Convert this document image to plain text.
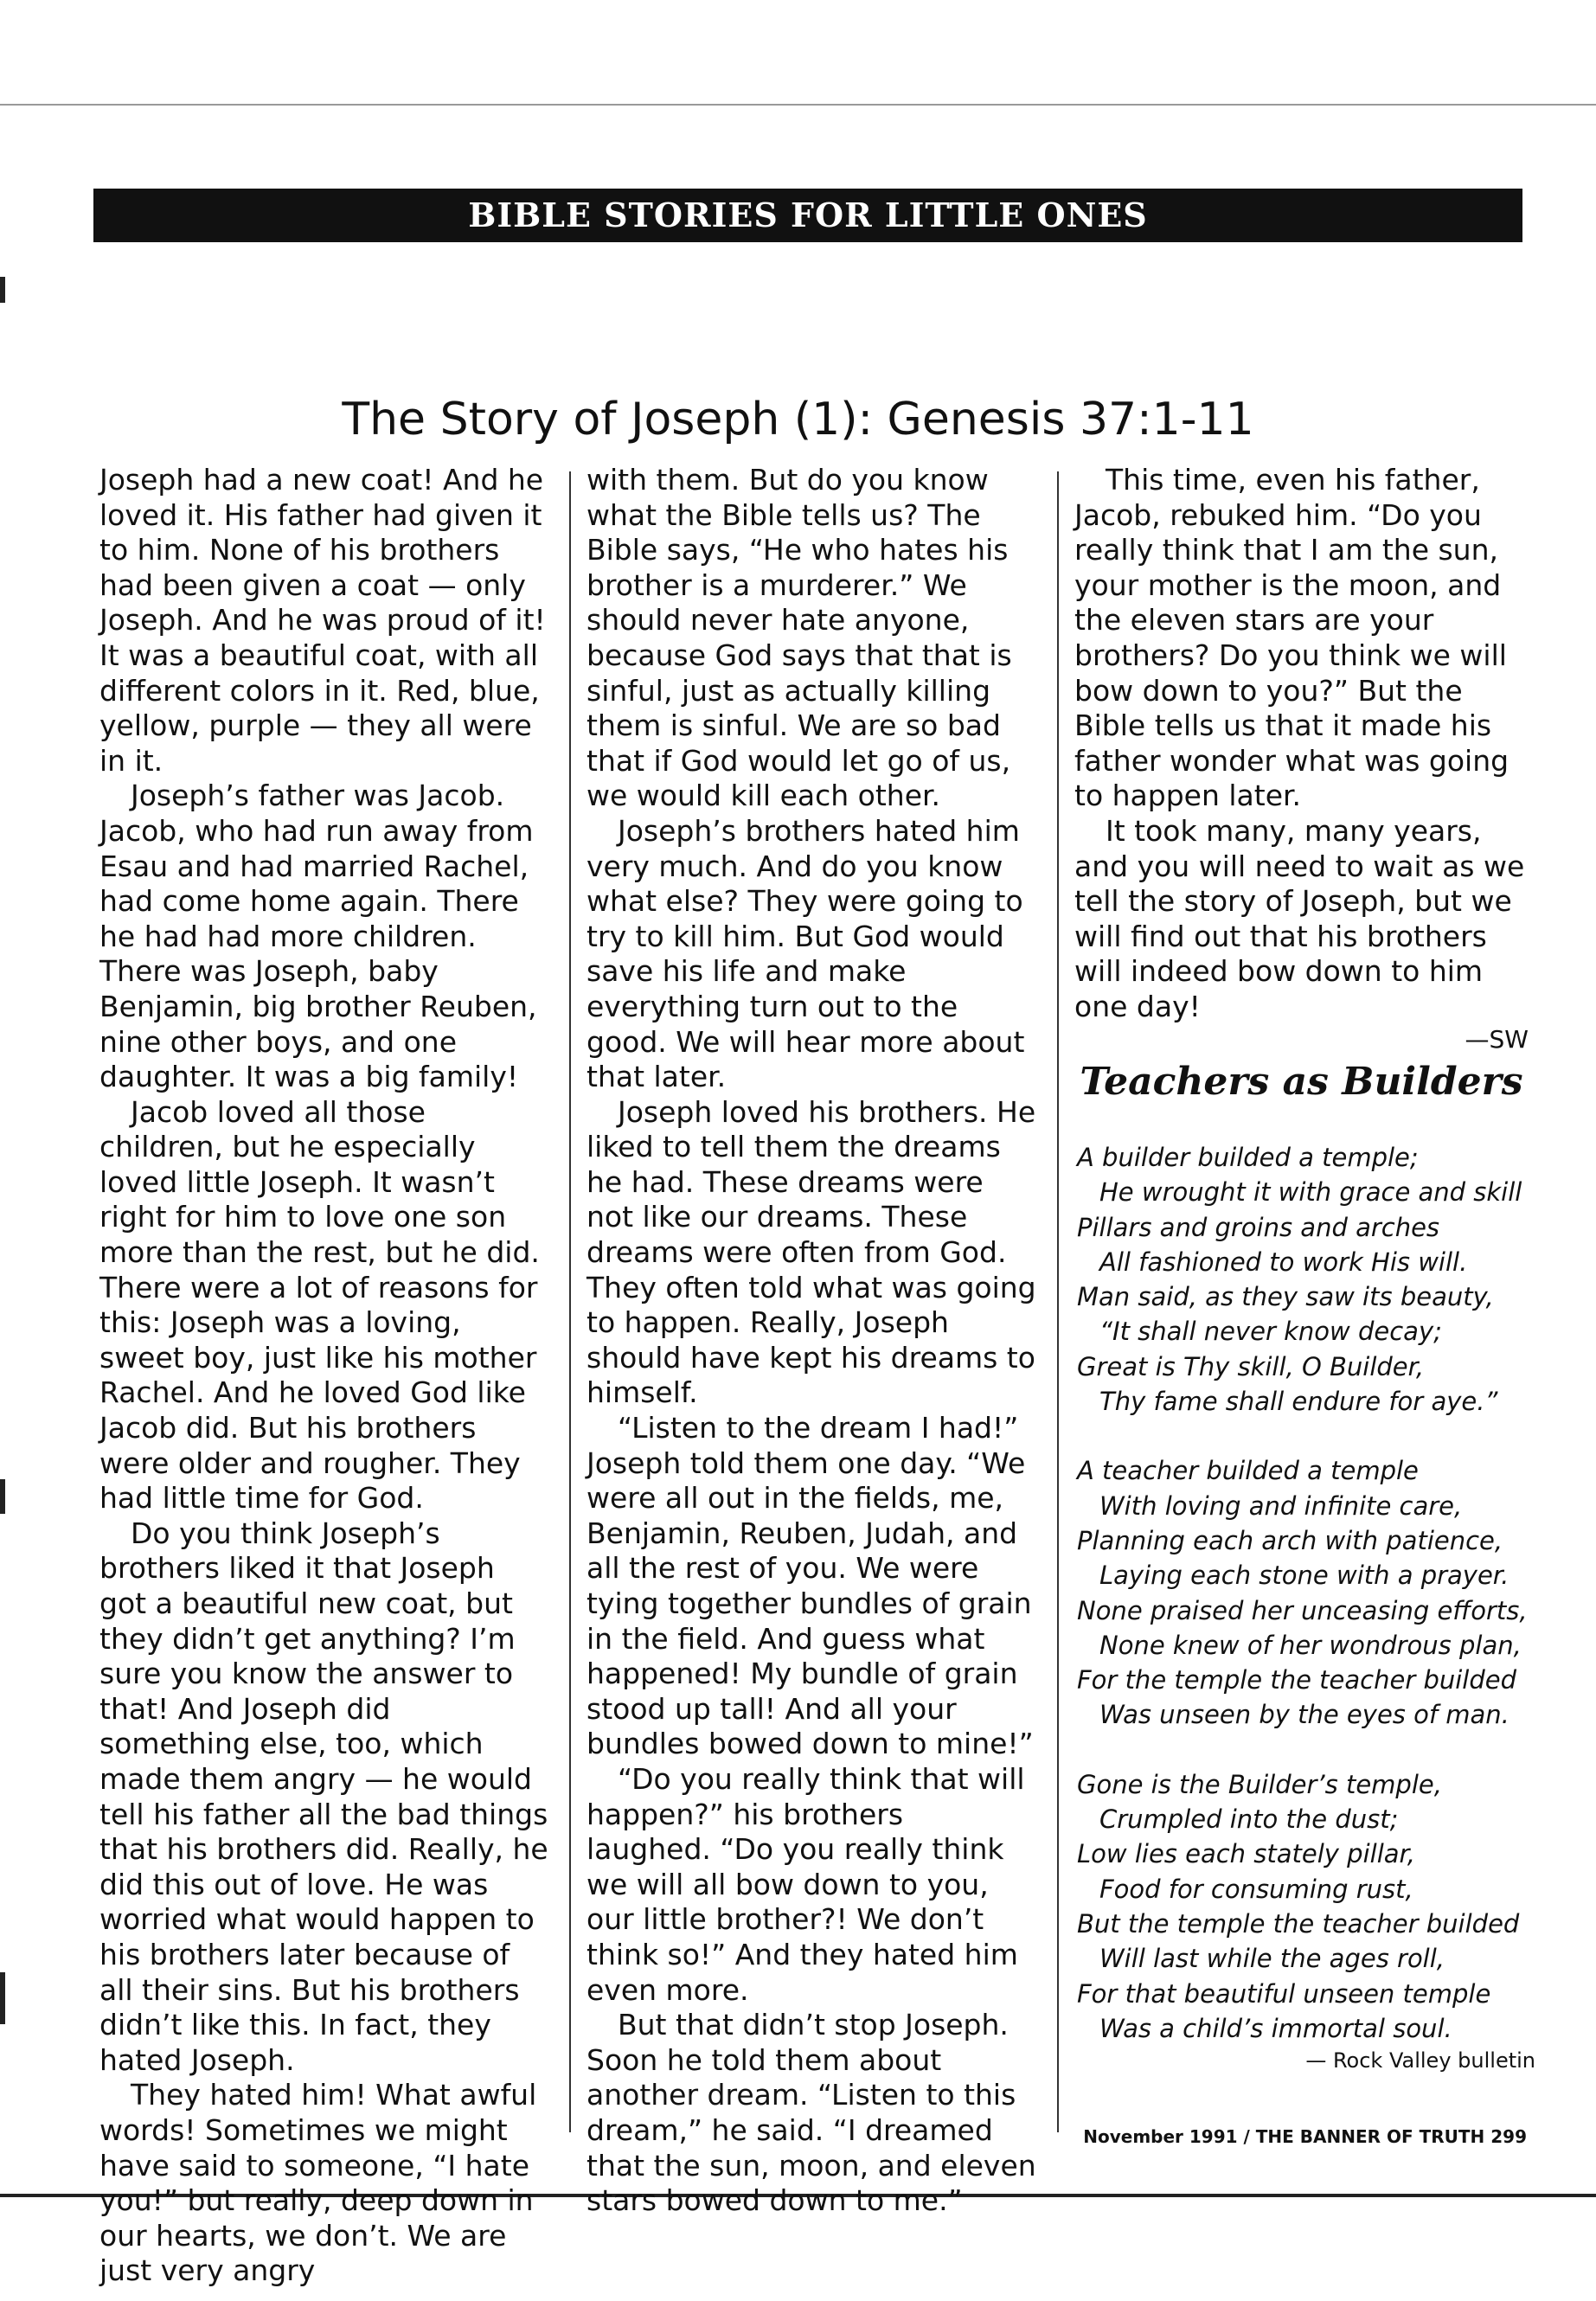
BIBLE STORIES FOR LITTLE ONES
The Story of Joseph (1): Genesis 37:1-11

Joseph had a new coat! And he loved it. His father had given it to him. None of his brothers had been given a coat — only Joseph. And he was proud of it! It was a beautiful coat, with all different colors in it. Red, blue, yellow, purple — they all were in it.

Joseph’s father was Jacob. Jacob, who had run away from Esau and had married Rachel, had come home again. There he had had more children. There was Joseph, baby Benjamin, big brother Reuben, nine other boys, and one daughter. It was a big family!

Jacob loved all those children, but he especially loved little Joseph. It wasn’t right for him to love one son more than the rest, but he did. There were a lot of reasons for this: Joseph was a loving, sweet boy, just like his mother Rachel. And he loved God like Jacob did. But his brothers were older and rougher. They had little time for God.

Do you think Joseph’s brothers liked it that Joseph got a beautiful new coat, but they didn’t get anything? I’m sure you know the answer to that! And Joseph did something else, too, which made them angry — he would tell his father all the bad things that his brothers did. Really, he did this out of love. He was worried what would happen to his brothers later because of all their sins. But his brothers didn’t like this. In fact, they hated Joseph.

They hated him! What awful words! Sometimes we might have said to someone, “I hate you!” but really, deep down in our hearts, we don’t. We are just very angry

with them. But do you know what the Bible tells us? The Bible says, “He who hates his brother is a murderer.” We should never hate anyone, because God says that that is sinful, just as actually killing them is sinful. We are so bad that if God would let go of us, we would kill each other.

Joseph’s brothers hated him very much. And do you know what else? They were going to try to kill him. But God would save his life and make everything turn out to the good. We will hear more about that later.

Joseph loved his brothers. He liked to tell them the dreams he had. These dreams were not like our dreams. These dreams were often from God. They often told what was going to happen. Really, Joseph should have kept his dreams to himself.

“Listen to the dream I had!” Joseph told them one day. “We were all out in the fields, me, Benjamin, Reuben, Judah, and all the rest of you. We were tying together bundles of grain in the field. And guess what happened! My bundle of grain stood up tall! And all your bundles bowed down to mine!”

“Do you really think that will happen?” his brothers laughed. “Do you really think we will all bow down to you, our little brother?! We don’t think so!” And they hated him even more.

But that didn’t stop Joseph. Soon he told them about another dream. “Listen to this dream,” he said. “I dreamed that the sun, moon, and eleven stars bowed down to me.”

This time, even his father, Jacob, rebuked him. “Do you really think that I am the sun, your mother is the moon, and the eleven stars are your brothers? Do you think we will bow down to you?” But the Bible tells us that it made his father wonder what was going to happen later.

It took many, many years, and you will need to wait as we tell the story of Joseph, but we will find out that his brothers will indeed bow down to him one day!

—SW

Teachers as Builders
A builder builded a temple;
He wrought it with grace and skill
Pillars and groins and arches
All fashioned to work His will.
Man said, as they saw its beauty,
“It shall never know decay;
Great is Thy skill, O Builder,
Thy fame shall endure for aye.”
A teacher builded a temple
With loving and infinite care,
Planning each arch with patience,
Laying each stone with a prayer.
None praised her unceasing efforts,
None knew of her wondrous plan,
For the temple the teacher builded
Was unseen by the eyes of man.
Gone is the Builder’s temple,
Crumpled into the dust;
Low lies each stately pillar,
Food for consuming rust,
But the temple the teacher builded
Will last while the ages roll,
For that beautiful unseen temple
Was a child’s immortal soul.
— Rock Valley bulletin
November 1991 / THE BANNER OF TRUTH 299
